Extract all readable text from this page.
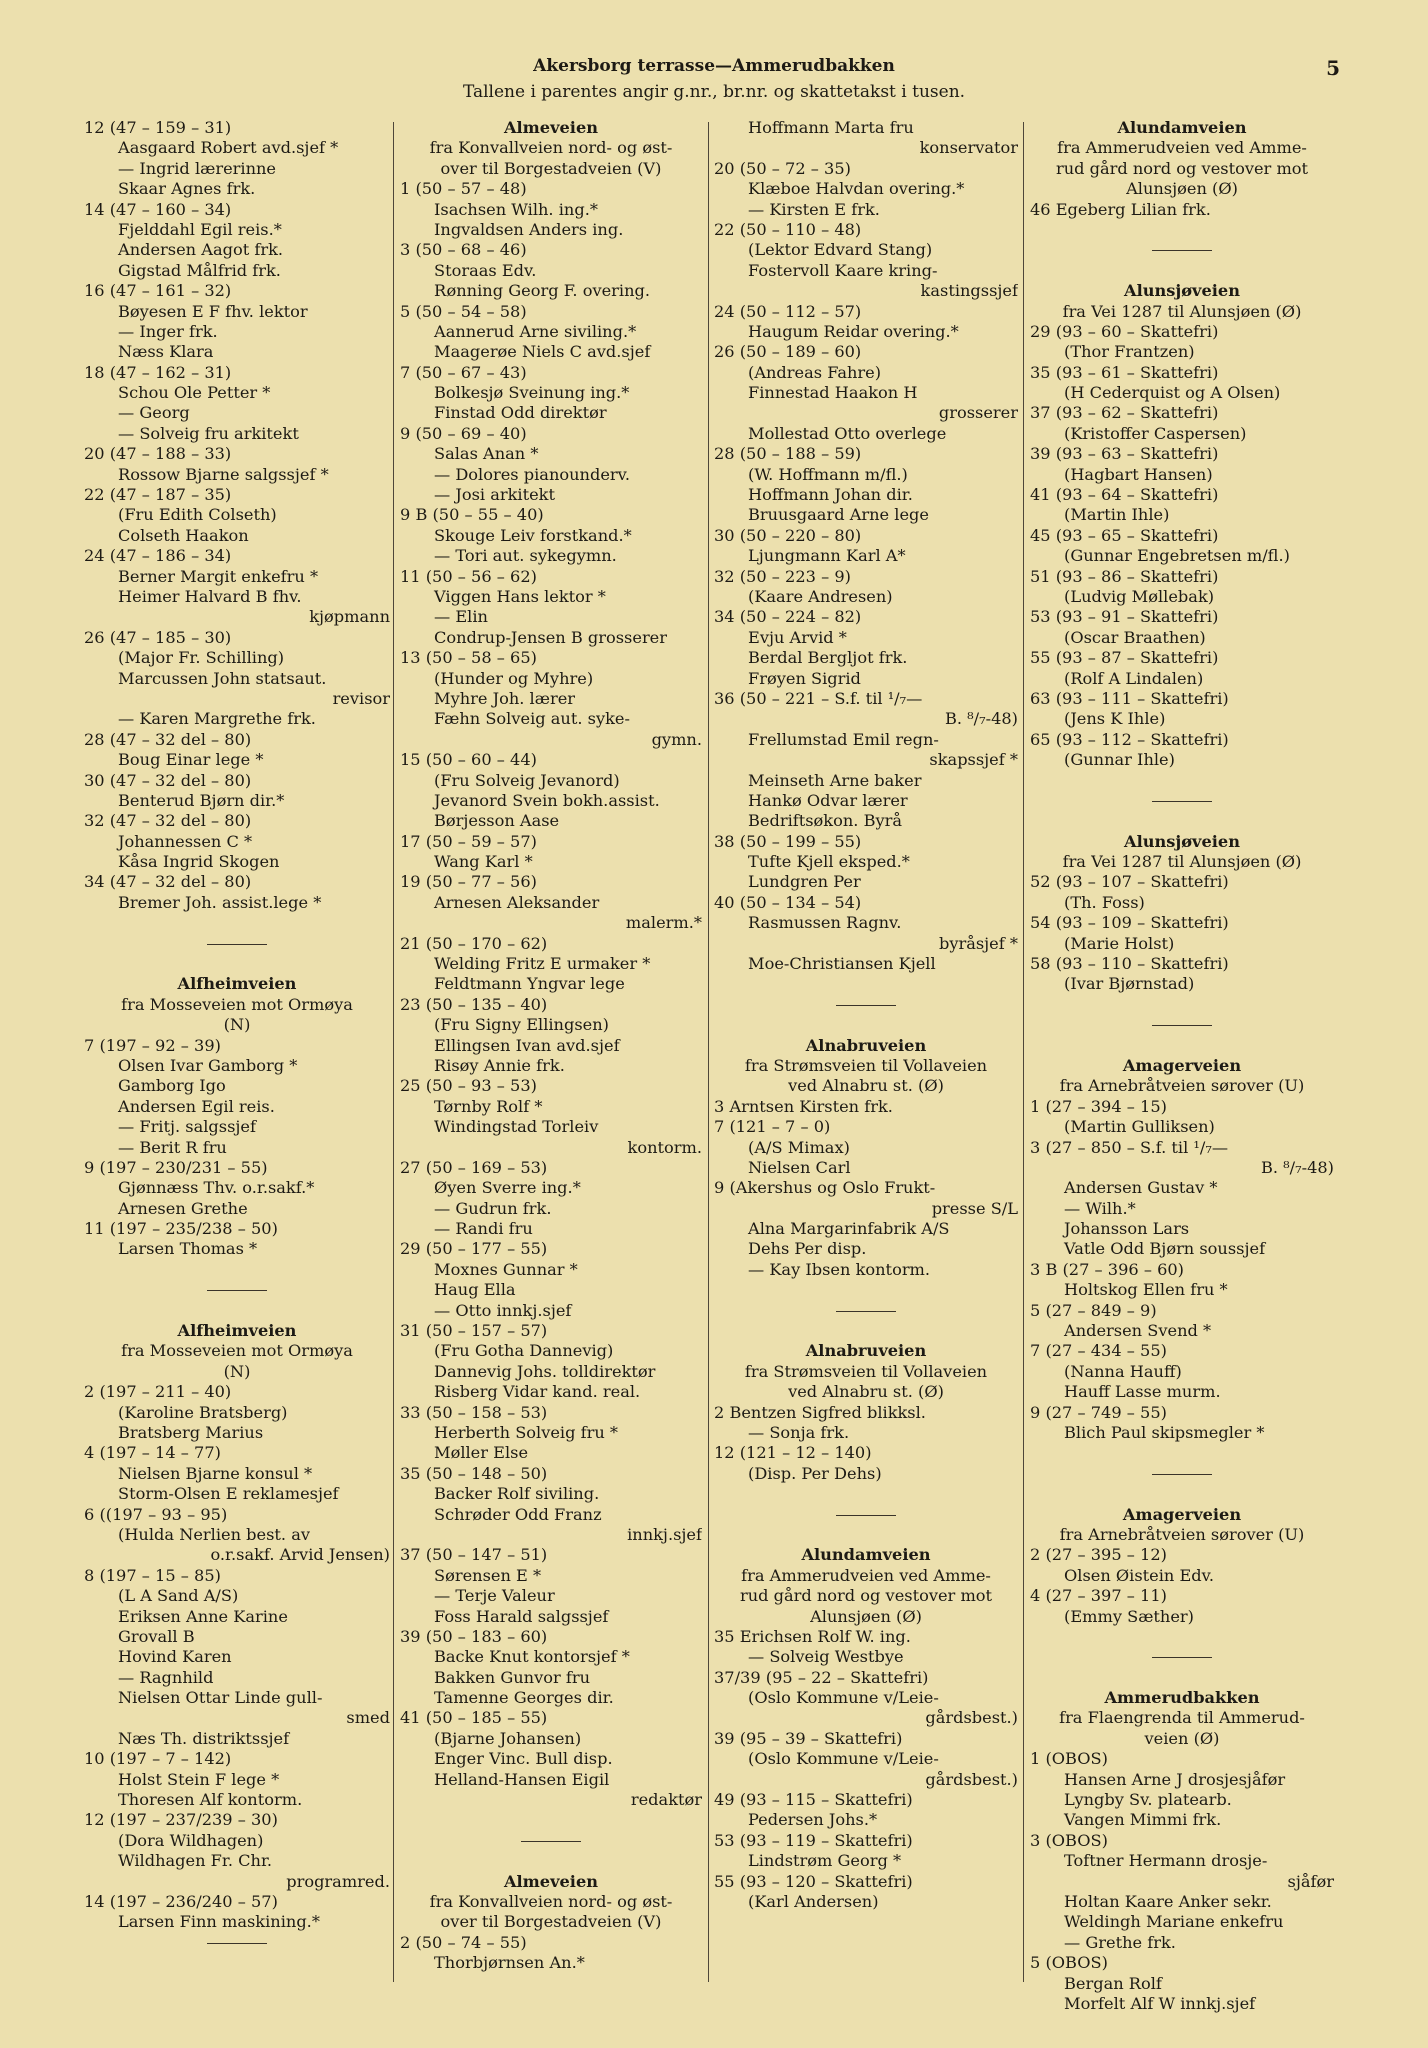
Akersborg terrasse—Ammerudbakken
Tallene i parentes angir g.nr., br.nr. og skattetakst i tusen.
5
12 (47 – 159 – 31)
Aasgaard Robert avd.sjef *
— Ingrid lærerinne
Skaar Agnes frk.
14 (47 – 160 – 34)
Fjelddahl Egil reis.*
Andersen Aagot frk.
Gigstad Målfrid frk.
16 (47 – 161 – 32)
Bøyesen E F fhv. lektor
— Inger frk.
Næss Klara
18 (47 – 162 – 31)
Schou Ole Petter *
— Georg
— Solveig fru arkitekt
20 (47 – 188 – 33)
Rossow Bjarne salgssjef *
22 (47 – 187 – 35)
(Fru Edith Colseth)
Colseth Haakon
24 (47 – 186 – 34)
Berner Margit enkefru *
Heimer Halvard B fhv.
kjøpmann
26 (47 – 185 – 30)
(Major Fr. Schilling)
Marcussen John statsaut.
revisor
— Karen Margrethe frk.
28 (47 – 32 del – 80)
Boug Einar lege *
30 (47 – 32 del – 80)
Benterud Bjørn dir.*
32 (47 – 32 del – 80)
Johannessen C *
Kåsa Ingrid Skogen
34 (47 – 32 del – 80)
Bremer Joh. assist.lege *
Alfheimveien
fra Mosseveien mot Ormøya
(N)
7 (197 – 92 – 39)
Olsen Ivar Gamborg *
Gamborg Igo
Andersen Egil reis.
— Fritj. salgssjef
— Berit R fru
9 (197 – 230/231 – 55)
Gjønnæss Thv. o.r.sakf.*
Arnesen Grethe
11 (197 – 235/238 – 50)
Larsen Thomas *
Alfheimveien
fra Mosseveien mot Ormøya
(N)
2 (197 – 211 – 40)
(Karoline Bratsberg)
Bratsberg Marius
4 (197 – 14 – 77)
Nielsen Bjarne konsul *
Storm-Olsen E reklamesjef
6 ((197 – 93 – 95)
(Hulda Nerlien best. av
o.r.sakf. Arvid Jensen)
8 (197 – 15 – 85)
(L A Sand A/S)
Eriksen Anne Karine
Grovall B
Hovind Karen
— Ragnhild
Nielsen Ottar Linde gull-
smed
Næs Th. distriktssjef
10 (197 – 7 – 142)
Holst Stein F lege *
Thoresen Alf kontorm.
12 (197 – 237/239 – 30)
(Dora Wildhagen)
Wildhagen Fr. Chr.
programred.
14 (197 – 236/240 – 57)
Larsen Finn maskining.*
Almeveien
fra Konvallveien nord- og øst-
over til Borgestadveien (V)
1 (50 – 57 – 48)
Isachsen Wilh. ing.*
Ingvaldsen Anders ing.
3 (50 – 68 – 46)
Storaas Edv.
Rønning Georg F. overing.
5 (50 – 54 – 58)
Aannerud Arne siviling.*
Maagerøe Niels C avd.sjef
7 (50 – 67 – 43)
Bolkesjø Sveinung ing.*
Finstad Odd direktør
9 (50 – 69 – 40)
Salas Anan *
— Dolores pianounderv.
— Josi arkitekt
9 B (50 – 55 – 40)
Skouge Leiv forstkand.*
— Tori aut. sykegymn.
11 (50 – 56 – 62)
Viggen Hans lektor *
— Elin
Condrup-Jensen B grosserer
13 (50 – 58 – 65)
(Hunder og Myhre)
Myhre Joh. lærer
Fæhn Solveig aut. syke-
gymn.
15 (50 – 60 – 44)
(Fru Solveig Jevanord)
Jevanord Svein bokh.assist.
Børjesson Aase
17 (50 – 59 – 57)
Wang Karl *
19 (50 – 77 – 56)
Arnesen Aleksander
malerm.*
21 (50 – 170 – 62)
Welding Fritz E urmaker *
Feldtmann Yngvar lege
23 (50 – 135 – 40)
(Fru Signy Ellingsen)
Ellingsen Ivan avd.sjef
Risøy Annie frk.
25 (50 – 93 – 53)
Tørnby Rolf *
Windingstad Torleiv
kontorm.
27 (50 – 169 – 53)
Øyen Sverre ing.*
— Gudrun frk.
— Randi fru
29 (50 – 177 – 55)
Moxnes Gunnar *
Haug Ella
— Otto innkj.sjef
31 (50 – 157 – 57)
(Fru Gotha Dannevig)
Dannevig Johs. tolldirektør
Risberg Vidar kand. real.
33 (50 – 158 – 53)
Herberth Solveig fru *
Møller Else
35 (50 – 148 – 50)
Backer Rolf siviling.
Schrøder Odd Franz
innkj.sjef
37 (50 – 147 – 51)
Sørensen E *
— Terje Valeur
Foss Harald salgssjef
39 (50 – 183 – 60)
Backe Knut kontorsjef *
Bakken Gunvor fru
Tamenne Georges dir.
41 (50 – 185 – 55)
(Bjarne Johansen)
Enger Vinc. Bull disp.
Helland-Hansen Eigil
redaktør
Almeveien
fra Konvallveien nord- og øst-
over til Borgestadveien (V)
2 (50 – 74 – 55)
Thorbjørnsen An.*
Hoffmann Marta fru
konservator
20 (50 – 72 – 35)
Klæboe Halvdan overing.*
— Kirsten E frk.
22 (50 – 110 – 48)
(Lektor Edvard Stang)
Fostervoll Kaare kring-
kastingssjef
24 (50 – 112 – 57)
Haugum Reidar overing.*
26 (50 – 189 – 60)
(Andreas Fahre)
Finnestad Haakon H
grosserer
Mollestad Otto overlege
28 (50 – 188 – 59)
(W. Hoffmann m/fl.)
Hoffmann Johan dir.
Bruusgaard Arne lege
30 (50 – 220 – 80)
Ljungmann Karl A*
32 (50 – 223 – 9)
(Kaare Andresen)
34 (50 – 224 – 82)
Evju Arvid *
Berdal Bergljot frk.
Frøyen Sigrid
36 (50 – 221 – S.f. til ¹/₇—
B. ⁸/₇-48)
Frellumstad Emil regn-
skapssjef *
Meinseth Arne baker
Hankø Odvar lærer
Bedriftsøkon. Byrå
38 (50 – 199 – 55)
Tufte Kjell eksped.*
Lundgren Per
40 (50 – 134 – 54)
Rasmussen Ragnv.
byråsjef *
Moe-Christiansen Kjell
Alnabruveien
fra Strømsveien til Vollaveien
ved Alnabru st. (Ø)
3 Arntsen Kirsten frk.
7 (121 – 7 – 0)
(A/S Mimax)
Nielsen Carl
9 (Akershus og Oslo Frukt-
presse S/L
Alna Margarinfabrik A/S
Dehs Per disp.
— Kay Ibsen kontorm.
Alnabruveien
fra Strømsveien til Vollaveien
ved Alnabru st. (Ø)
2 Bentzen Sigfred blikksl.
— Sonja frk.
12 (121 – 12 – 140)
(Disp. Per Dehs)
Alundamveien
fra Ammerudveien ved Amme-
rud gård nord og vestover mot
Alunsjøen (Ø)
35 Erichsen Rolf W. ing.
— Solveig Westbye
37/39 (95 – 22 – Skattefri)
(Oslo Kommune v/Leie-
gårdsbest.)
39 (95 – 39 – Skattefri)
(Oslo Kommune v/Leie-
gårdsbest.)
49 (93 – 115 – Skattefri)
Pedersen Johs.*
53 (93 – 119 – Skattefri)
Lindstrøm Georg *
55 (93 – 120 – Skattefri)
(Karl Andersen)
Alundamveien
fra Ammerudveien ved Amme-
rud gård nord og vestover mot
Alunsjøen (Ø)
46 Egeberg Lilian frk.
Alunsjøveien
fra Vei 1287 til Alunsjøen (Ø)
29 (93 – 60 – Skattefri)
(Thor Frantzen)
35 (93 – 61 – Skattefri)
(H Cederquist og A Olsen)
37 (93 – 62 – Skattefri)
(Kristoffer Caspersen)
39 (93 – 63 – Skattefri)
(Hagbart Hansen)
41 (93 – 64 – Skattefri)
(Martin Ihle)
45 (93 – 65 – Skattefri)
(Gunnar Engebretsen m/fl.)
51 (93 – 86 – Skattefri)
(Ludvig Møllebak)
53 (93 – 91 – Skattefri)
(Oscar Braathen)
55 (93 – 87 – Skattefri)
(Rolf A Lindalen)
63 (93 – 111 – Skattefri)
(Jens K Ihle)
65 (93 – 112 – Skattefri)
(Gunnar Ihle)
Alunsjøveien
fra Vei 1287 til Alunsjøen (Ø)
52 (93 – 107 – Skattefri)
(Th. Foss)
54 (93 – 109 – Skattefri)
(Marie Holst)
58 (93 – 110 – Skattefri)
(Ivar Bjørnstad)
Amagerveien
fra Arnebråtveien sørover (U)
1 (27 – 394 – 15)
(Martin Gulliksen)
3 (27 – 850 – S.f. til ¹/₇—
B. ⁸/₇-48)
Andersen Gustav *
— Wilh.*
Johansson Lars
Vatle Odd Bjørn soussjef
3 B (27 – 396 – 60)
Holtskog Ellen fru *
5 (27 – 849 – 9)
Andersen Svend *
7 (27 – 434 – 55)
(Nanna Hauff)
Hauff Lasse murm.
9 (27 – 749 – 55)
Blich Paul skipsmegler *
Amagerveien
fra Arnebråtveien sørover (U)
2 (27 – 395 – 12)
Olsen Øistein Edv.
4 (27 – 397 – 11)
(Emmy Sæther)
Ammerudbakken
fra Flaengrenda til Ammerud-
veien (Ø)
1 (OBOS)
Hansen Arne J drosjesjåfør
Lyngby Sv. platearb.
Vangen Mimmi frk.
3 (OBOS)
Toftner Hermann drosje-
sjåfør
Holtan Kaare Anker sekr.
Weldingh Mariane enkefru
— Grethe frk.
5 (OBOS)
Bergan Rolf
Morfelt Alf W innkj.sjef
